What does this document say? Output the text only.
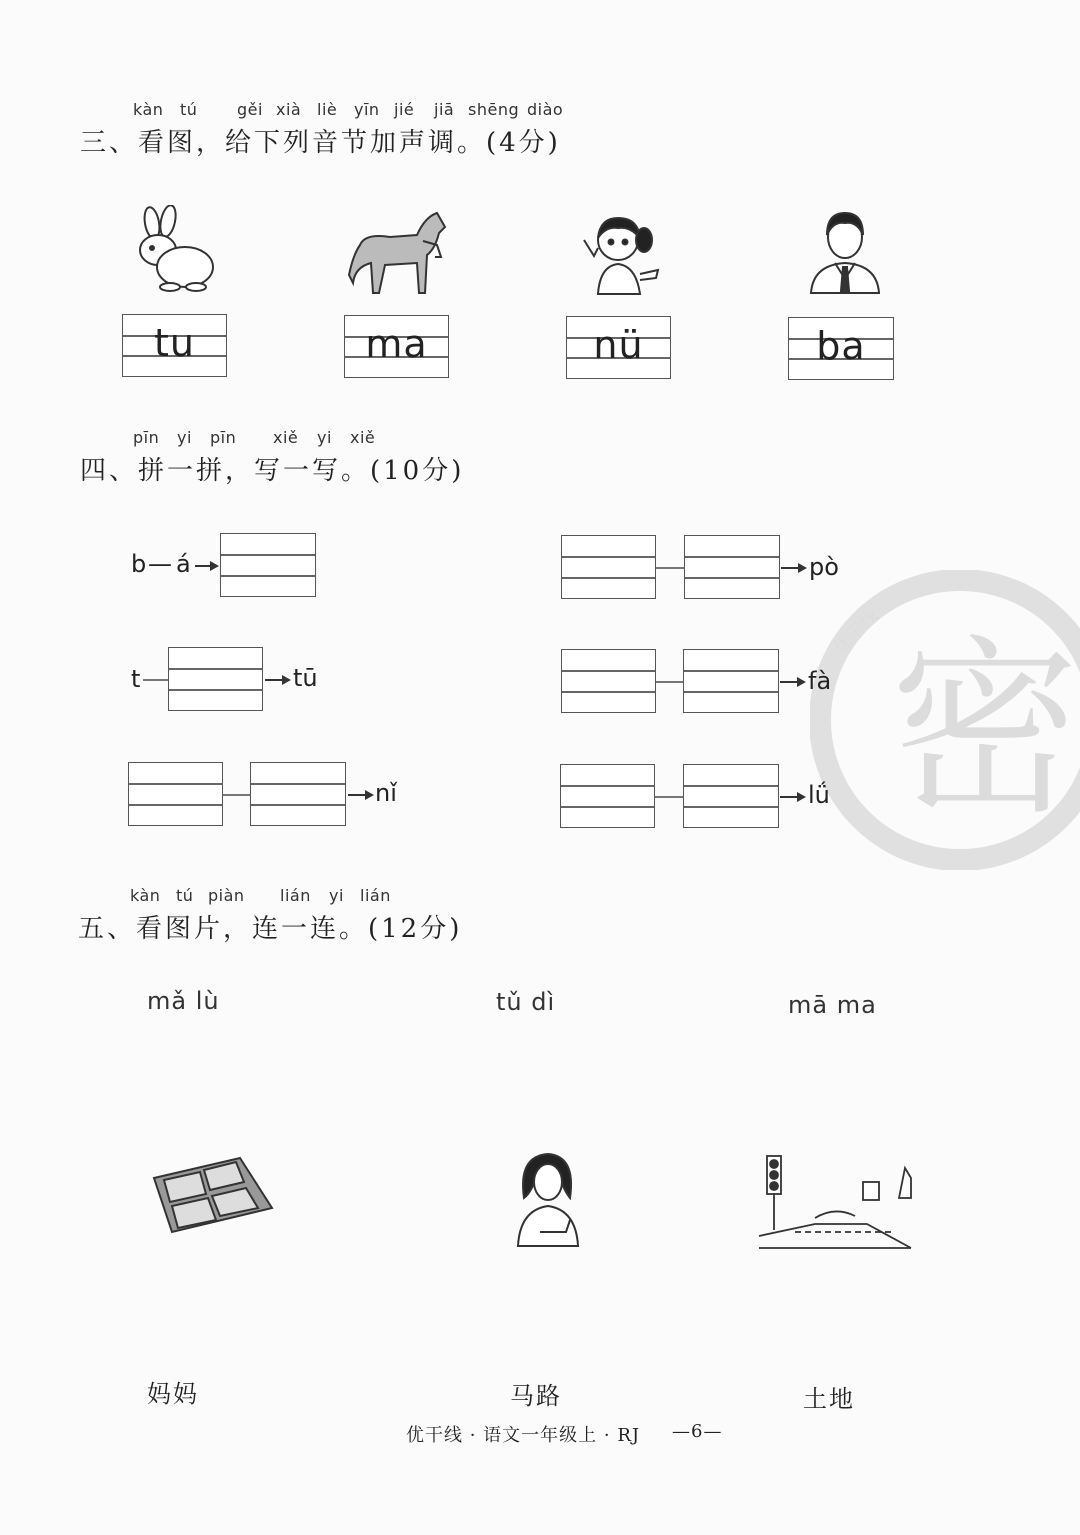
密
优干线
kàn tú gěi xià liè yīn jié jiā shēng diào
三、看图，给下列音节加声调。(4分)
tu	ma	nü	ba
pīn yi pīn xiě yi xiě
四、拼一拼，写一写。(10分)
b — á
t	tū
nǐ
pò
fà
lǘ
kàn tú piàn lián yi lián
五、看图片，连一连。(12分)
mǎ lù	tǔ dì	mā ma
妈妈	马路	土地
优干线 · 语文一年级上 · RJ —6—
